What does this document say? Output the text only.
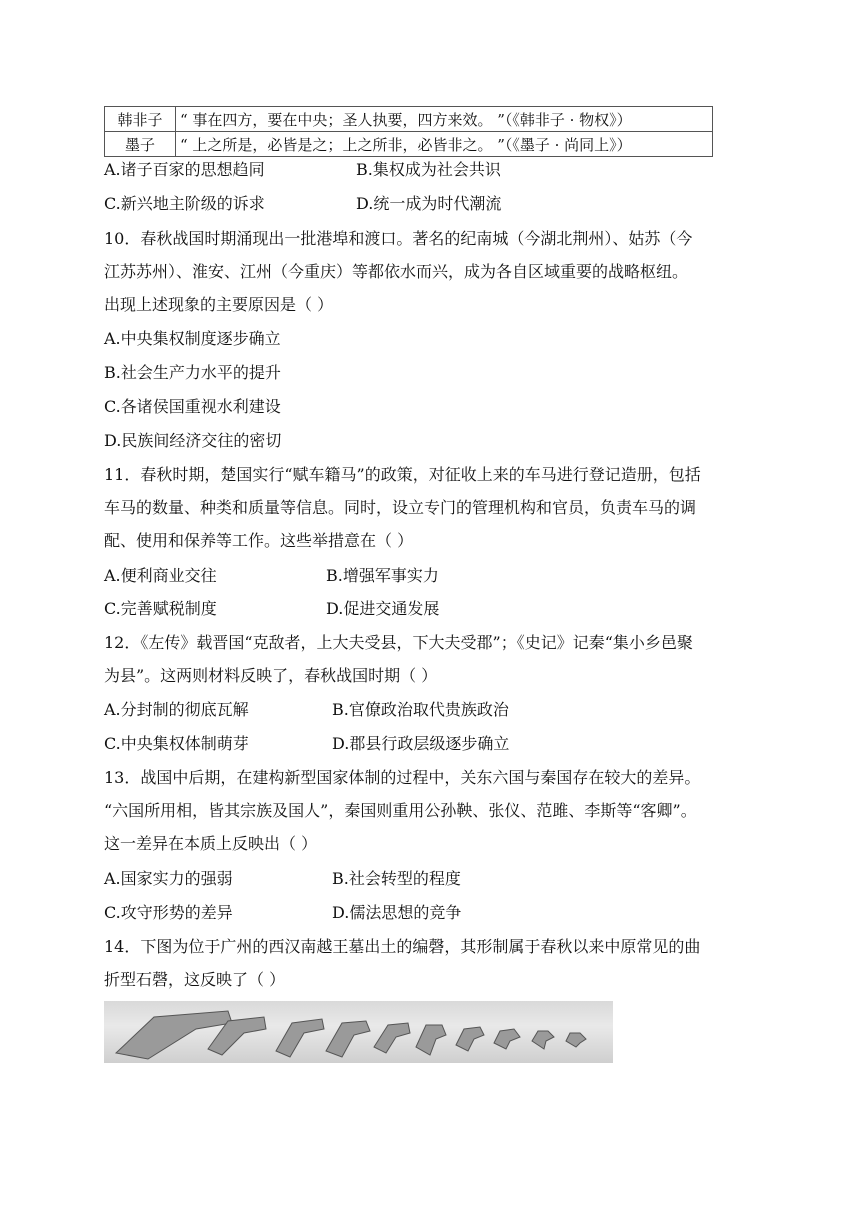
韩非子	“ 事在四方，要在中央；圣人执要，四方来效。 ”（《韩非子 · 物权》）
墨子	“ 上之所是，必皆是之；上之所非，必皆非之。 ”（《墨子 · 尚同上》）
A.诸子百家的思想趋同	B.集权成为社会共识
C.新兴地主阶级的诉求	D.统一成为时代潮流
10．春秋战国时期涌现出一批港埠和渡口。著名的纪南城（今湖北荆州）、姑苏（今
江苏苏州）、淮安、江州（今重庆）等都依水而兴，成为各自区域重要的战略枢纽。
出现上述现象的主要原因是（ ）
A.中央集权制度逐步确立
B.社会生产力水平的提升
C.各诸侯国重视水利建设
D.民族间经济交往的密切
11．春秋时期，楚国实行“赋车籍马”的政策，对征收上来的车马进行登记造册，包括
车马的数量、种类和质量等信息。同时，设立专门的管理机构和官员，负责车马的调
配、使用和保养等工作。这些举措意在（ ）
A.便利商业交往	B.增强军事实力
C.完善赋税制度	D.促进交通发展
12．《左传》载晋国“克敌者，上大夫受县，下大夫受郡”；《史记》记秦“集小乡邑聚
为县”。这两则材料反映了，春秋战国时期（ ）
A.分封制的彻底瓦解	B.官僚政治取代贵族政治
C.中央集权体制萌芽	D.郡县行政层级逐步确立
13．战国中后期，在建构新型国家体制的过程中，关东六国与秦国存在较大的差异。
“六国所用相，皆其宗族及国人”，秦国则重用公孙鞅、张仪、范雎、李斯等“客卿”。
这一差异在本质上反映出（ ）
A.国家实力的强弱	B.社会转型的程度
C.攻守形势的差异	D.儒法思想的竞争
14．下图为位于广州的西汉南越王墓出土的编磬，其形制属于春秋以来中原常见的曲
折型石磬，这反映了（ ）
